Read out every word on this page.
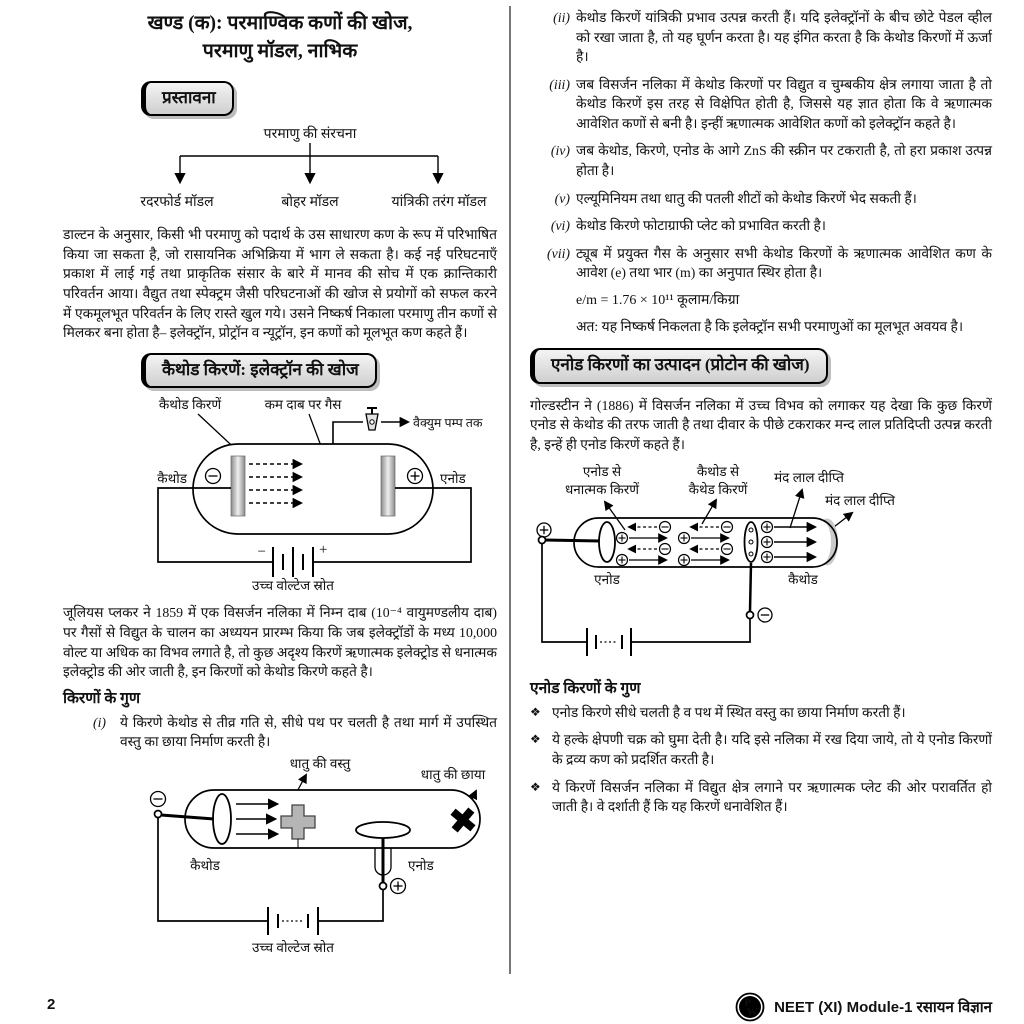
खण्ड (क): परमाण्विक कणों की खोज,
परमाणु मॉडल, नाभिक
प्रस्तावना
परमाणु की संरचना
रदरफोर्ड मॉडल	बोहर मॉडल	यांत्रिकी तरंग मॉडल
डाल्टन के अनुसार, किसी भी परमाणु को पदार्थ के उस साधारण कण के रूप में परिभाषित किया जा सकता है, जो रासायनिक अभिक्रिया में भाग ले सकता है। कई नई परिघटनाएँ प्रकाश में लाई गई तथा प्राकृतिक संसार के बारे में मानव की सोच में एक क्रान्तिकारी परिवर्तन आया। वैद्युत तथा स्पेक्ट्रम जैसी परिघटनाओं की खोज से प्रयोगों को सफल करने में एकमूलभूत परिवर्तन के लिए रास्ते खुल गये। उसने निष्कर्ष निकाला परमाणु तीन कणों से मिलकर बना होता है– इलेक्ट्रॉन, प्रोट्रॉन व न्यूट्रॉन, इन कणों को मूलभूत कण कहते हैं।
कैथोड किरणें: इलेक्ट्रॉन की खोज
कैथोड किरणें	कम दाब पर गैस
वैक्युम पम्प तक
कैथोड	एनोड
−	+
उच्च वोल्टेज स्रोत
जूलियस प्लकर ने 1859 में एक विसर्जन नलिका में निम्न दाब (10⁻⁴ वायुमण्डलीय दाब) पर गैसों से विद्युत के चालन का अध्ययन प्रारम्भ किया कि जब इलेक्ट्रॉडों के मध्य 10,000 वोल्ट या अधिक का विभव लगाते है, तो कुछ अदृश्य किरणें ऋणात्मक इलेक्ट्रोड से धनात्मक इलेक्ट्रोड की ओर जाती है, इन किरणों को केथोड किरणे कहते है।
किरणों के गुण
(i)	ये किरणे केथोड से तीव्र गति से, सीधे पथ पर चलती है तथा मार्ग में उपस्थित वस्तु का छाया निर्माण करती है।
धातु की वस्तु
धातु की छाया
कैथोड	एनोड
उच्च वोल्टेज स्रोत
(ii) केथोड किरणें यांत्रिकी प्रभाव उत्पन्न करती हैं। यदि इलेक्ट्रॉनों के बीच छोटे पेडल व्हील को रखा जाता है, तो यह घूर्णन करता है। यह इंगित करता है कि केथोड किरणों में ऊर्जा है।
(iii) जब विसर्जन नलिका में केथोड किरणों पर विद्युत व चुम्बकीय क्षेत्र लगाया जाता है तो केथोड किरणें इस तरह से विक्षेपित होती है, जिससे यह ज्ञात होता कि वे ऋणात्मक आवेशित कणों से बनी है। इन्हीं ऋणात्मक आवेशित कणों को इलेक्ट्रॉन कहते है।
(iv) जब केथोड, किरणे, एनोड के आगे ZnS की स्क्रीन पर टकराती है, तो हरा प्रकाश उत्पन्न होता है।
(v) एल्यूमिनियम तथा धातु की पतली शीटों को केथोड किरणें भेद सकती हैं।
(vi) केथोड किरणे फोटाग्राफी प्लेट को प्रभावित करती है।
(vii) ट्यूब में प्रयुक्त गैस के अनुसार सभी केथोड किरणों के ऋणात्मक आवेशित कण के आवेश (e) तथा भार (m) का अनुपात स्थिर होता है।
e/m = 1.76 × 10¹¹ कूलाम/किग्रा
अत: यह निष्कर्ष निकलता है कि इलेक्ट्रॉन सभी परमाणुओं का मूलभूत अवयव है।
एनोड किरणों का उत्पादन (प्रोटोन की खोज)
गोल्डस्टीन ने (1886) में विसर्जन नलिका में उच्च विभव को लगाकर यह देखा कि कुछ किरणें एनोड से केथोड की तरफ जाती है तथा दीवार के पीछे टकराकर मन्द लाल प्रतिदिप्ती उत्पन्न करती है, इन्हें ही एनोड किरणें कहते हैं।
एनोड से
धनात्मक किरणें
कैथोड से
कैथेड किरणें
मंद लाल दीप्ति
मंद लाल दीप्ति
एनोड	कैथोड
एनोड किरणों के गुण
❖ एनोड किरणे सीधे चलती है व पथ में स्थित वस्तु का छाया निर्माण करती हैं।
❖ ये हल्के क्षेपणी चक्र को घुमा देती है। यदि इसे नलिका में रख दिया जाये, तो ये एनोड किरणों के द्रव्य कण को प्रदर्शित करती है।
❖ ये किरणें विसर्जन नलिका में विद्युत क्षेत्र लगाने पर ऋणात्मक प्लेट की ओर परावर्तित हो जाती है। वे दर्शाती हैं कि यह किरणें धनावेशित हैं।
2	P
W NEET (XI) Module-1 रसायन विज्ञान
